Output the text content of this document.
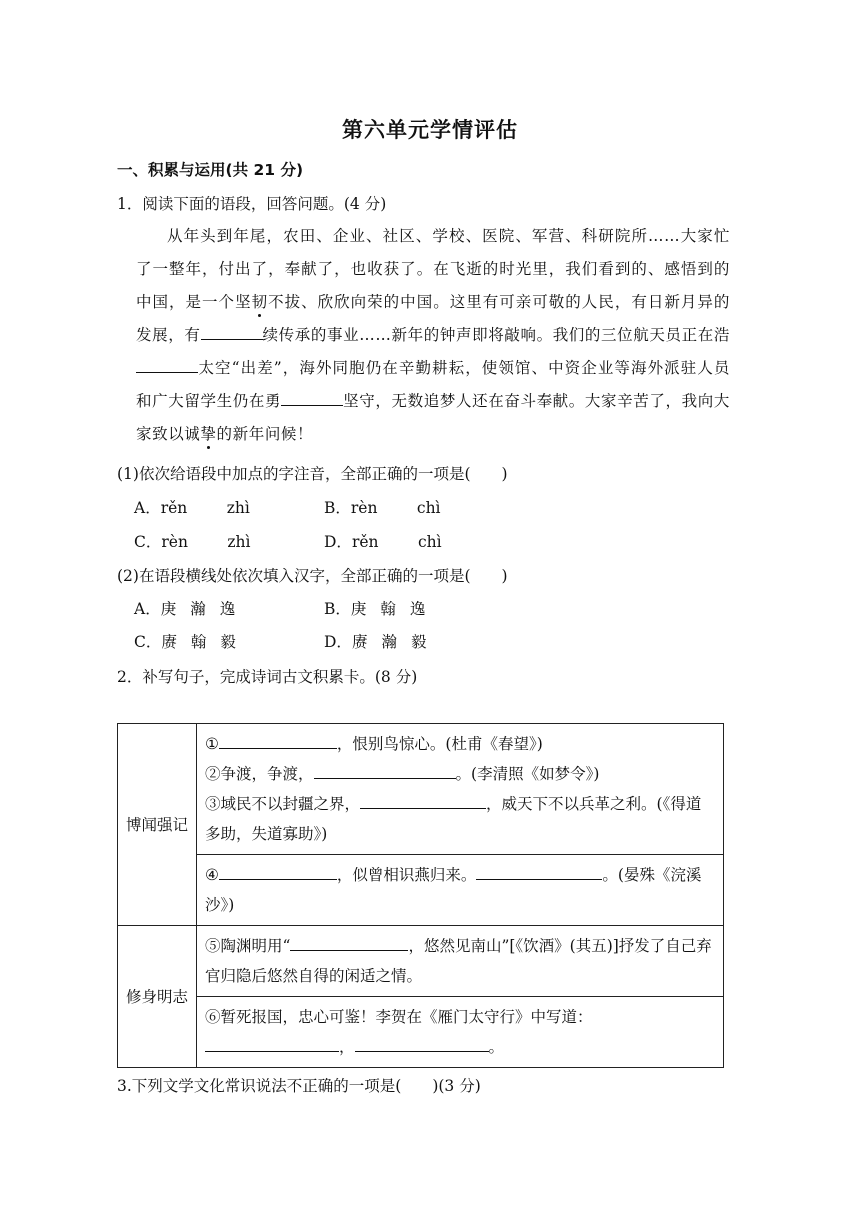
第六单元学情评估
一、积累与运用(共 21 分)
1．阅读下面的语段，回答问题。(4 分)
从年头到年尾，农田、企业、社区、学校、医院、军营、科研院所……大家忙了一整年，付出了，奉献了，也收获了。在飞逝的时光里，我们看到的、感悟到的中国，是一个坚韧不拔、欣欣向荣的中国。这里有可亲可敬的人民，有日新月异的发展，有	续传承的事业……新年的钟声即将敲响。我们的三位航天员正在浩太空“出差”，海外同胞仍在辛勤耕耘，使领馆、中资企业等海外派驻人员和广大留学生仍在勇	坚守，无数追梦人还在奋斗奉献。大家辛苦了，我向大家致以诚挚的新年问候！
(1)依次给语段中加点的字注音，全部正确的一项是(　　)
A．rěn	zhì	B．rèn	chì
C．rèn	zhì	D．rěn	chì
(2)在语段横线处依次填入汉字，全部正确的一项是(　　)
A．庚 瀚 逸	B．庚 翰 逸
C．赓 翰 毅	D．赓 瀚 毅
2．补写句子，完成诗词古文积累卡。(8 分)
博闻强记	① ，恨别鸟惊心。(杜甫《春望》)
②争渡，争渡， 。(李清照《如梦令》)
③域民不以封疆之界， ，威天下不以兵革之利。(《得道多助，失道寡助》)

	④ ，似曾相识燕归来。 。(晏殊《浣溪沙》)
修身明志	⑤陶渊明用“ ，悠然见南山”[《饮酒》(其五)]抒发了自己弃官归隐后悠然自得的闲适之情。
	⑥暂死报国，忠心可鉴！李贺在《雁门太守行》中写道：
， 。
3.下列文学文化常识说法不正确的一项是(　　)(3 分)
